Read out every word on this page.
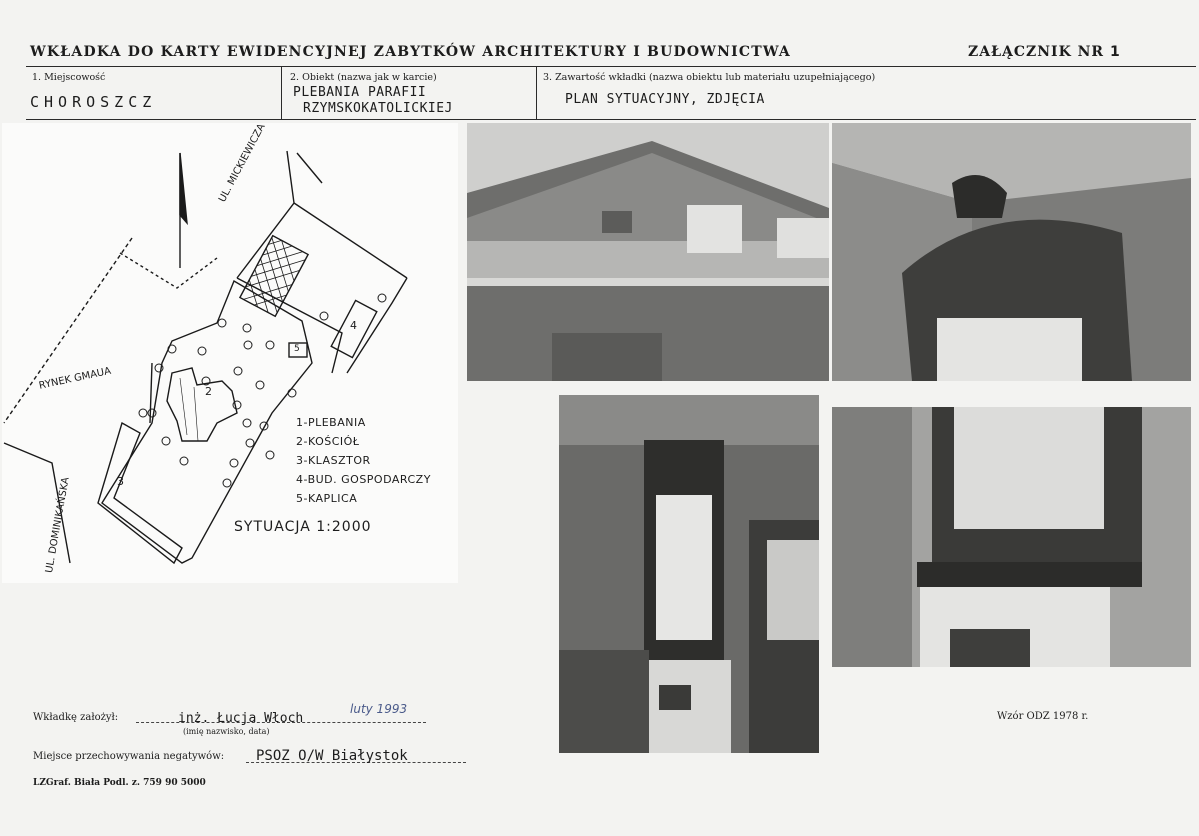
WKŁADKA DO KARTY EWIDENCYJNEJ ZABYTKÓW ARCHITEKTURY I BUDOWNICTWA	ZAŁĄCZNIK NR 1
1. Miejscowość
CHOROSZCZ
2. Obiekt (nazwa jak w karcie)
PLEBANIA PARAFII
RZYMSKOKATOLICKIEJ
3. Zawartość wkładki (nazwa obiektu lub materiału uzupełniającego)
PLAN SYTUACYJNY, ZDJĘCIA
UL. MICKIEWICZA
UL. DOMINIKAŃSKA
RYNEK GMAUA	2
3
4
5
1-PLEBANIA
2-KOŚCIÓŁ
3-KLASZTOR
4-BUD. GOSPODARCZY
5-KAPLICA
SYTUACJA 1:2000
Wkładkę założył:	inż. Łucja Włoch
luty 1993
(imię nazwisko, data)
Miejsce przechowywania negatywów: PSOZ O/W Białystok
Wzór ODZ 1978 r.
LZGraf. Biała Podl. z. 759 90 5000
